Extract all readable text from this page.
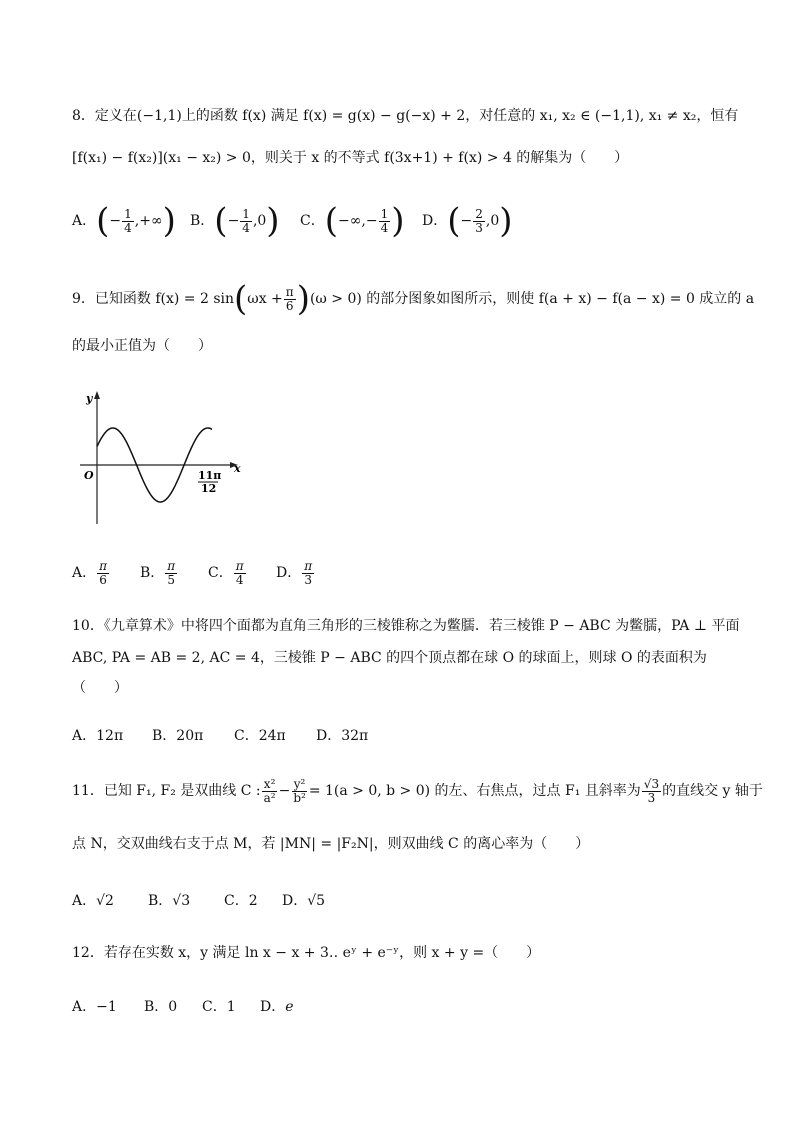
8．定义在(−1,1)上的函数 f(x) 满足 f(x) = g(x) − g(−x) + 2，对任意的 x₁, x₂ ∈ (−1,1), x₁ ≠ x₂，恒有
[f(x₁) − f(x₂)](x₁ − x₂) > 0，则关于 x 的不等式 f(3x+1) + f(x) > 4 的解集为（　　）
A．(− $\frac{1}{4}$ ,+∞) B．(− $\frac{1}{4} ,0$) C．(−∞,− $\frac{1}{4}$ ) D．(− $\frac{2}{3} ,0$)
9．已知函数 f(x) = 2 $\sin(\omega x + \frac{\pi}{6} )(\omega > 0)$ 的部分图象如图所示，则使 f(a + x) − f(a − x) = 0 成立的 a
的最小正值为（　　）
y
x
O	11π
12
A． $\frac{\pi}{6}$ B． $\frac{\pi}{5}$ C． $\frac{\pi}{4}$ D． $\frac{\pi}{3}$
10．《九章算术》中将四个面都为直角三角形的三棱锥称之为鳖臑．若三棱锥 P − ABC 为鳖臑，PA ⊥ 平面
ABC, PA = AB = 2, AC = 4，三棱锥 P − ABC 的四个顶点都在球 O 的球面上，则球 O 的表面积为
（　　）
A．12π B．20π C．24π D．32π
11．已知 F₁, F₂ 是双曲线 C : $\frac{\text{x²}}{\text{a²}} - \frac{\text{y²}}{\text{b²}} = 1(a > 0$, b > 0) 的左、右焦点，过点 F₁ 且斜率为 $\frac{√3}{3}$ 的直线交 y 轴于
点 N，交双曲线右支于点 M，若 |MN| = |F₂N|，则双曲线 C 的离心率为（　　）
A．√2 B．√3 C．2 D．√5
12．若存在实数 x，y 满足 ln x − x + 3‥ eʸ + e⁻ʸ，则 x + y =（　　）
A．−1 B．0 C．1 D．e
